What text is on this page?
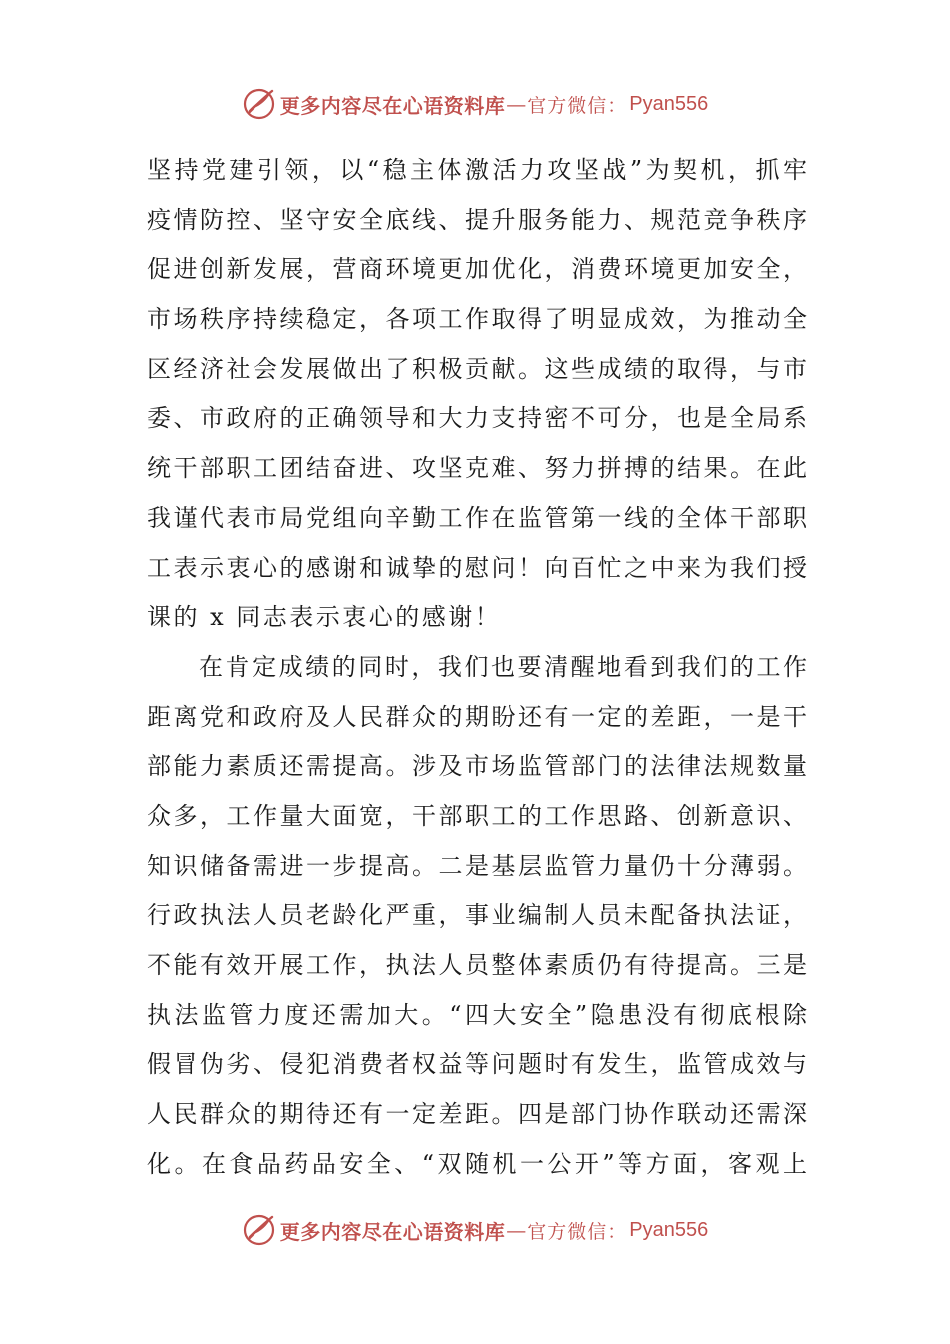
更多内容尽在心语资料库 — 官方微信： Pyan556
坚持党建引领，以“稳主体激活力攻坚战”为契机，抓牢
疫情防控、坚守安全底线、提升服务能力、规范竞争秩序
促进创新发展，营商环境更加优化，消费环境更加安全，
市场秩序持续稳定，各项工作取得了明显成效，为推动全
区经济社会发展做出了积极贡献。这些成绩的取得，与市
委、市政府的正确领导和大力支持密不可分，也是全局系
统干部职工团结奋进、攻坚克难、努力拼搏的结果。在此
我谨代表市局党组向辛勤工作在监管第一线的全体干部职
工表示衷心的感谢和诚挚的慰问！向百忙之中来为我们授
课的 x 同志表示衷心的感谢！
在肯定成绩的同时，我们也要清醒地看到我们的工作
距离党和政府及人民群众的期盼还有一定的差距，一是干
部能力素质还需提高。涉及市场监管部门的法律法规数量
众多，工作量大面宽，干部职工的工作思路、创新意识、
知识储备需进一步提高。二是基层监管力量仍十分薄弱。
行政执法人员老龄化严重，事业编制人员未配备执法证，
不能有效开展工作，执法人员整体素质仍有待提高。三是
执法监管力度还需加大。“四大安全”隐患没有彻底根除
假冒伪劣、侵犯消费者权益等问题时有发生，监管成效与
人民群众的期待还有一定差距。四是部门协作联动还需深
化。在食品药品安全、“双随机一公开”等方面，客观上
更多内容尽在心语资料库 — 官方微信： Pyan556
